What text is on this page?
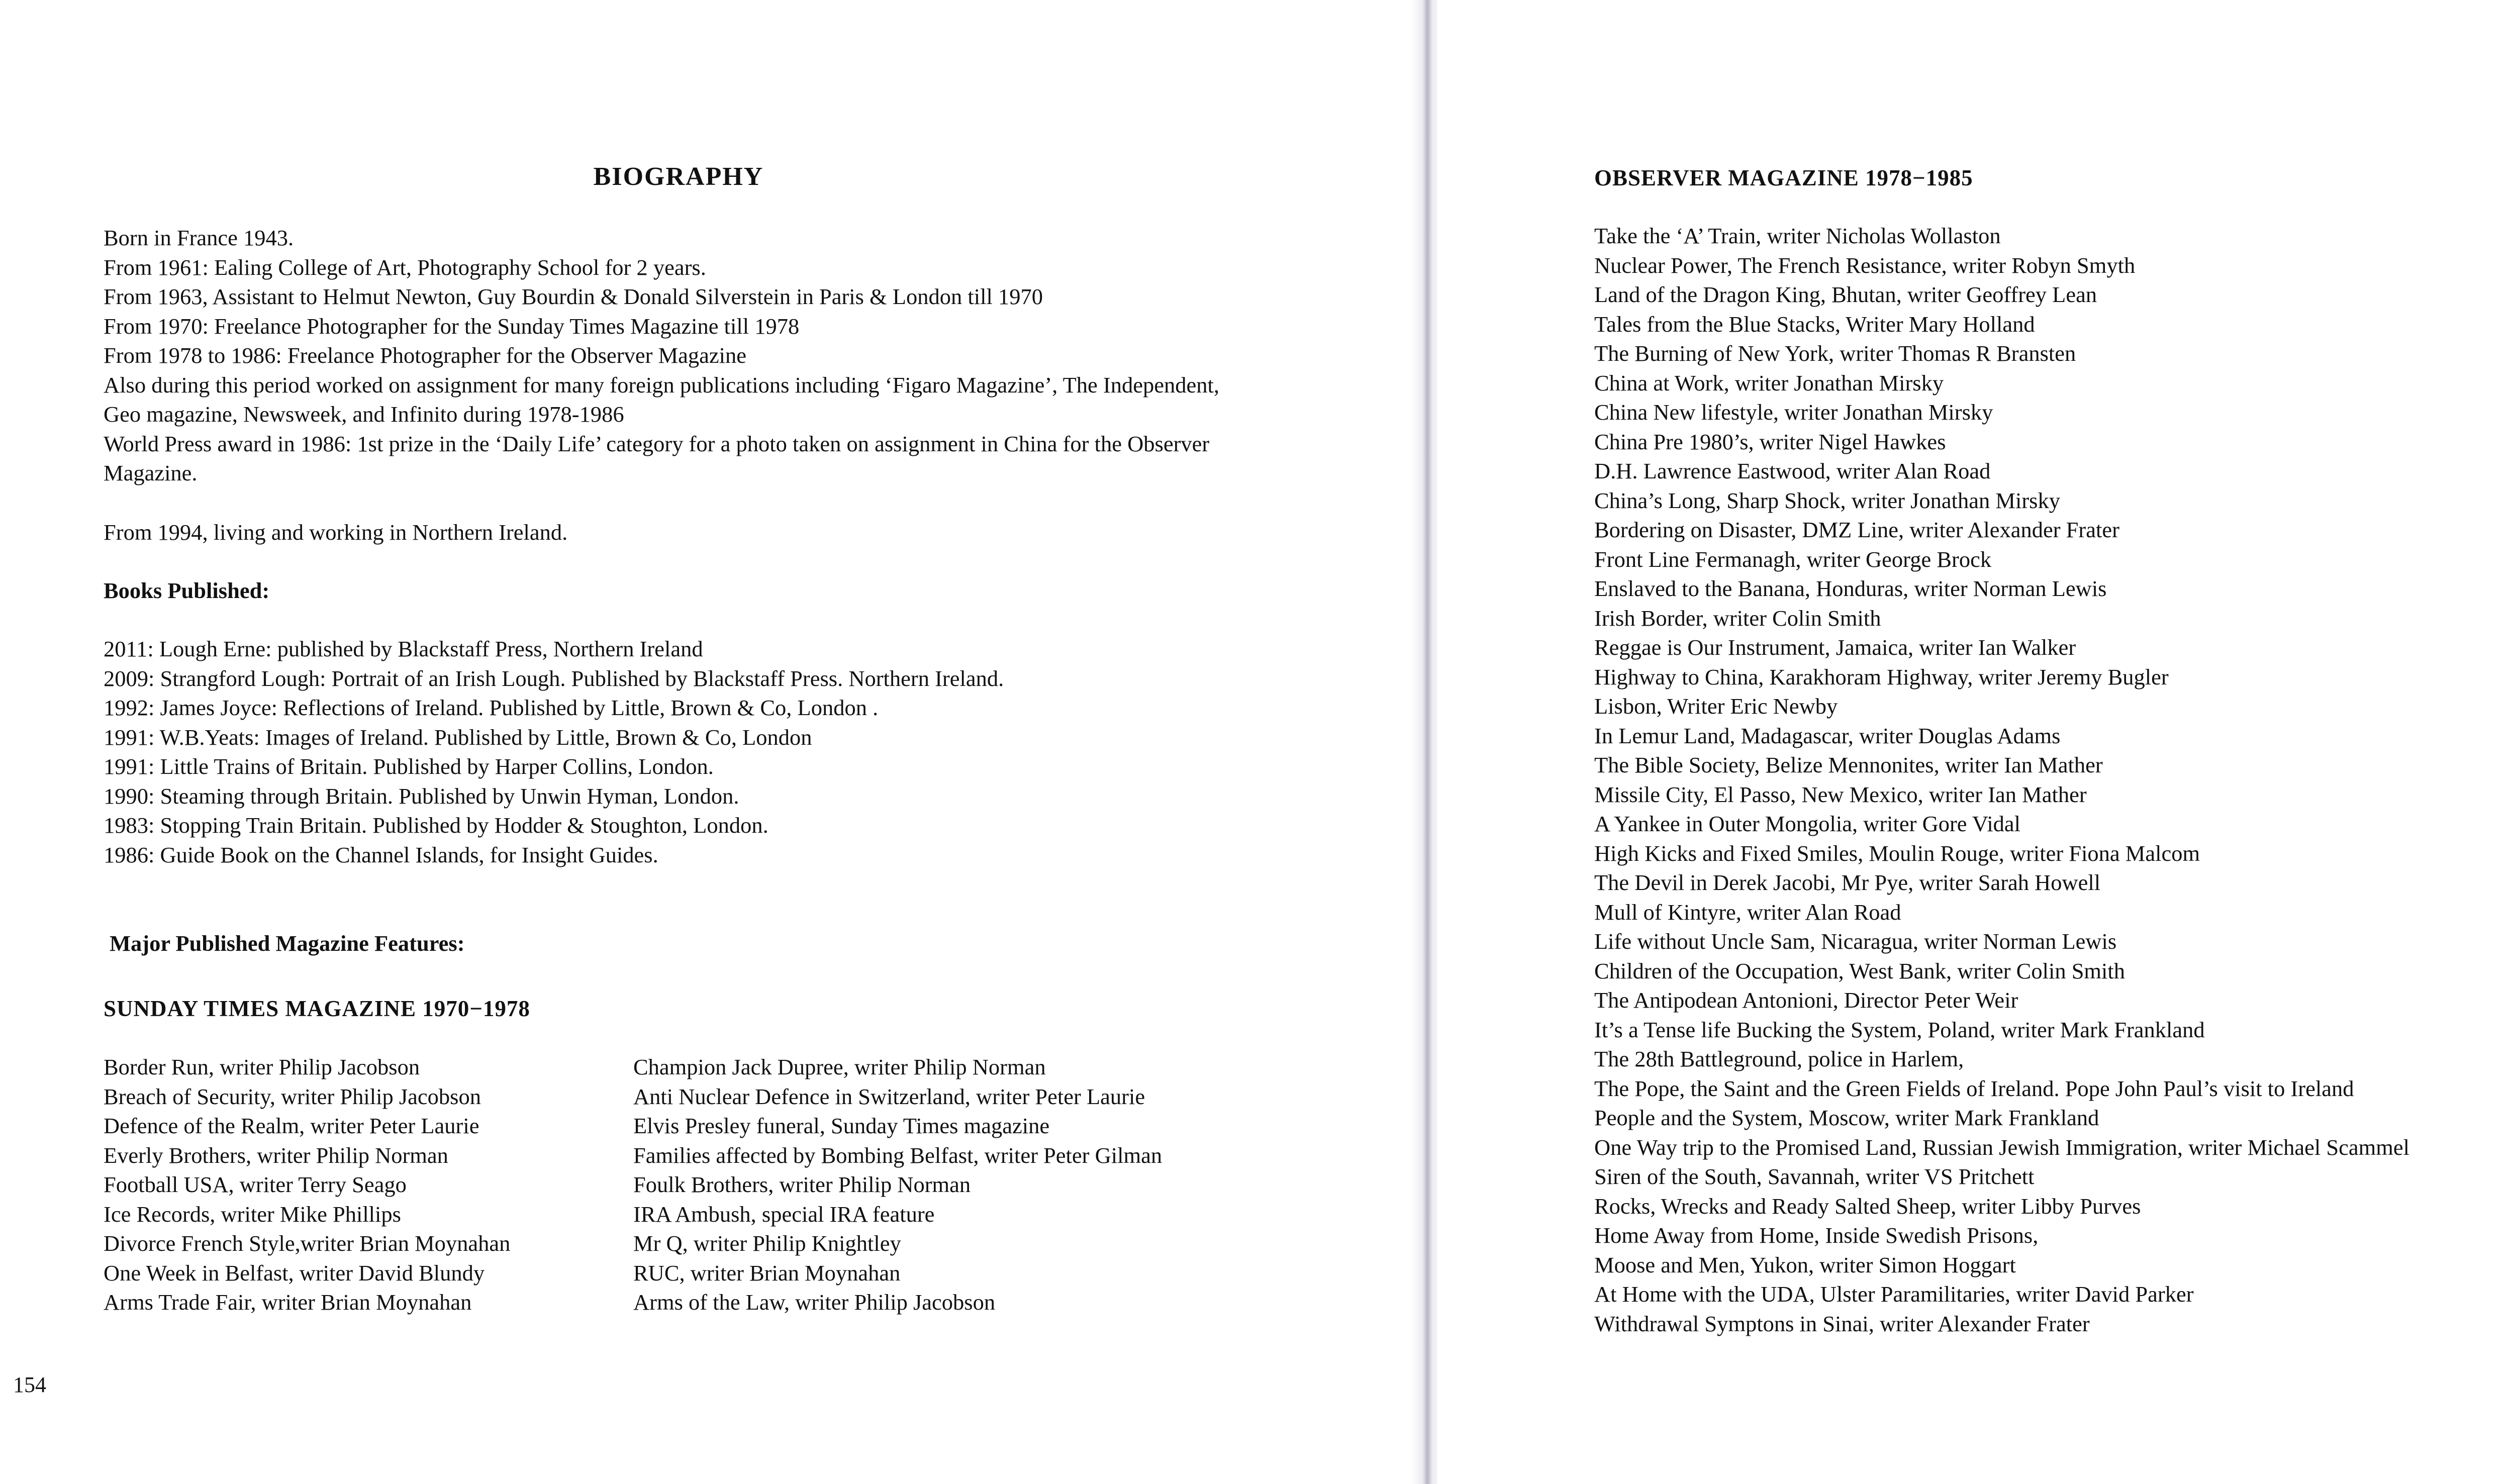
BIOGRAPHY
Born in France 1943.
From 1961: Ealing College of Art, Photography School for 2 years.
From 1963, Assistant to Helmut Newton, Guy Bourdin & Donald Silverstein in Paris & London till 1970
From 1970: Freelance Photographer for the Sunday Times Magazine till 1978
From 1978 to 1986: Freelance Photographer for the Observer Magazine
Also during this period worked on assignment for many foreign publications including ‘Figaro Magazine’, The Independent,
Geo magazine, Newsweek, and Infinito during 1978-1986
World Press award in 1986: 1st prize in the ‘Daily Life’ category for a photo taken on assignment in China for the Observer
Magazine.
From 1994, living and working in Northern Ireland.
Books Published:
2011: Lough Erne: published by Blackstaff Press, Northern Ireland
2009: Strangford Lough: Portrait of an Irish Lough. Published by Blackstaff Press. Northern Ireland.
1992: James Joyce: Reflections of Ireland. Published by Little, Brown & Co, London .
1991: W.B.Yeats: Images of Ireland. Published by Little, Brown & Co, London
1991: Little Trains of Britain. Published by Harper Collins, London.
1990: Steaming through Britain. Published by Unwin Hyman, London.
1983: Stopping Train Britain. Published by Hodder & Stoughton, London.
1986: Guide Book on the Channel Islands, for Insight Guides.
Major Published Magazine Features:
SUNDAY TIMES MAGAZINE 1970−1978
Border Run, writer Philip Jacobson
Breach of Security, writer Philip Jacobson
Defence of the Realm, writer Peter Laurie
Everly Brothers, writer Philip Norman
Football USA, writer Terry Seago
Ice Records, writer Mike Phillips
Divorce French Style,writer Brian Moynahan
One Week in Belfast, writer David Blundy
Arms Trade Fair, writer Brian Moynahan
Champion Jack Dupree, writer Philip Norman
Anti Nuclear Defence in Switzerland, writer Peter Laurie
Elvis Presley funeral, Sunday Times magazine
Families affected by Bombing Belfast, writer Peter Gilman
Foulk Brothers, writer Philip Norman
IRA Ambush, special IRA feature
Mr Q, writer Philip Knightley
RUC, writer Brian Moynahan
Arms of the Law, writer Philip Jacobson
154
OBSERVER MAGAZINE 1978−1985
Take the ‘A’ Train, writer Nicholas Wollaston
Nuclear Power, The French Resistance, writer Robyn Smyth
Land of the Dragon King, Bhutan, writer Geoffrey Lean
Tales from the Blue Stacks, Writer Mary Holland
The Burning of New York, writer Thomas R Bransten
China at Work, writer Jonathan Mirsky
China New lifestyle, writer Jonathan Mirsky
China Pre 1980’s, writer Nigel Hawkes
D.H. Lawrence Eastwood, writer Alan Road
China’s Long, Sharp Shock, writer Jonathan Mirsky
Bordering on Disaster, DMZ Line, writer Alexander Frater
Front Line Fermanagh, writer George Brock
Enslaved to the Banana, Honduras, writer Norman Lewis
Irish Border, writer Colin Smith
Reggae is Our Instrument, Jamaica, writer Ian Walker
Highway to China, Karakhoram Highway, writer Jeremy Bugler
Lisbon, Writer Eric Newby
In Lemur Land, Madagascar, writer Douglas Adams
The Bible Society, Belize Mennonites, writer Ian Mather
Missile City, El Passo, New Mexico, writer Ian Mather
A Yankee in Outer Mongolia, writer Gore Vidal
High Kicks and Fixed Smiles, Moulin Rouge, writer Fiona Malcom
The Devil in Derek Jacobi, Mr Pye, writer Sarah Howell
Mull of Kintyre, writer Alan Road
Life without Uncle Sam, Nicaragua, writer Norman Lewis
Children of the Occupation, West Bank, writer Colin Smith
The Antipodean Antonioni, Director Peter Weir
It’s a Tense life Bucking the System, Poland, writer Mark Frankland
The 28th Battleground, police in Harlem,
The Pope, the Saint and the Green Fields of Ireland. Pope John Paul’s visit to Ireland
People and the System, Moscow, writer Mark Frankland
One Way trip to the Promised Land, Russian Jewish Immigration, writer Michael Scammel
Siren of the South, Savannah, writer VS Pritchett
Rocks, Wrecks and Ready Salted Sheep, writer Libby Purves
Home Away from Home, Inside Swedish Prisons,
Moose and Men, Yukon, writer Simon Hoggart
At Home with the UDA, Ulster Paramilitaries, writer David Parker
Withdrawal Symptons in Sinai, writer Alexander Frater
